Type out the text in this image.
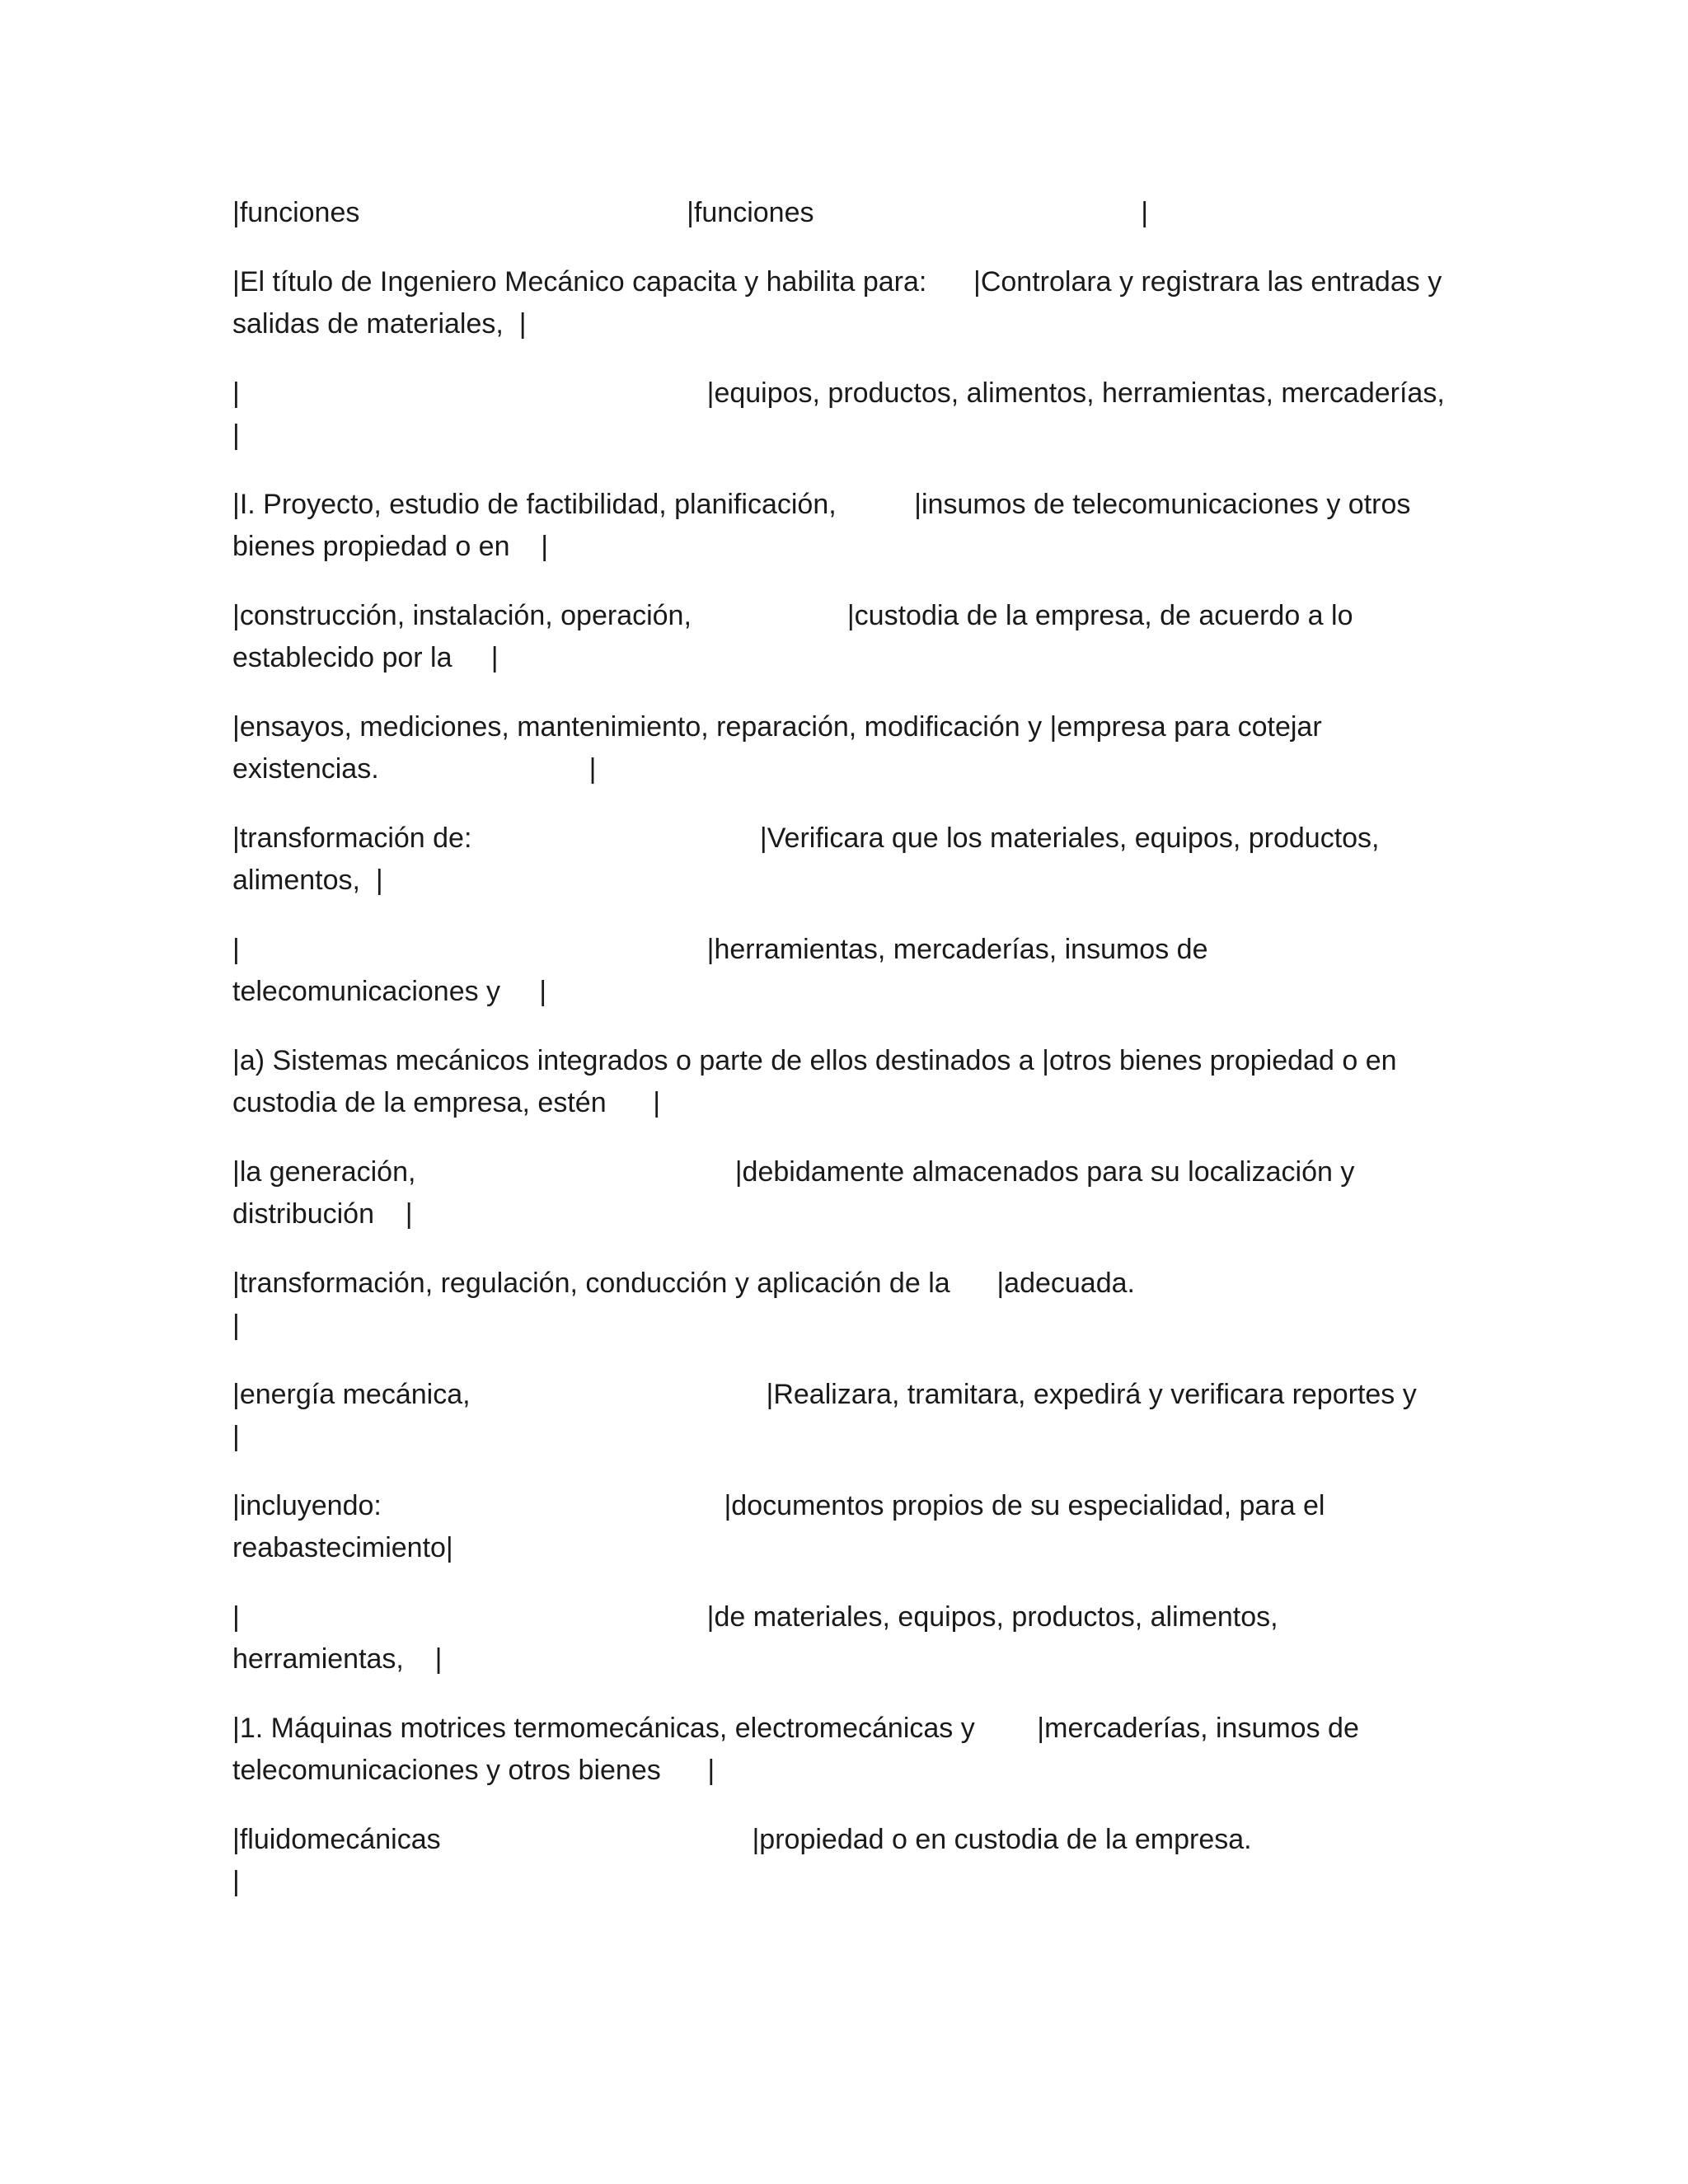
|funciones                                          |funciones                                          |

|El título de Ingeniero Mecánico capacita y habilita para:      |Controlara y registrara las entradas y salidas de materiales,  |

|                                                            |equipos, productos, alimentos, herramientas, mercaderías,      |

|I. Proyecto, estudio de factibilidad, planificación,          |insumos de telecomunicaciones y otros bienes propiedad o en    |

|construcción, instalación, operación,                    |custodia de la empresa, de acuerdo a lo establecido por la     |

|ensayos, mediciones, mantenimiento, reparación, modificación y |empresa para cotejar existencias.                           |

|transformación de:                                     |Verificara que los materiales, equipos, productos, alimentos,  |

|                                                            |herramientas, mercaderías, insumos de telecomunicaciones y     |

|a) Sistemas mecánicos integrados o parte de ellos destinados a |otros bienes propiedad o en custodia de la empresa, estén      |

|la generación,                                         |debidamente almacenados para su localización y distribución    |

|transformación, regulación, conducción y aplicación de la      |adecuada.                                                      |

|energía mecánica,                                      |Realizara, tramitara, expedirá y verificara reportes y         |

|incluyendo:                                            |documentos propios de su especialidad, para el reabastecimiento|

|                                                            |de materiales, equipos, productos, alimentos, herramientas,    |

|1. Máquinas motrices termomecánicas, electromecánicas y        |mercaderías, insumos de telecomunicaciones y otros bienes      |

|fluidomecánicas                                        |propiedad o en custodia de la empresa.                         |
